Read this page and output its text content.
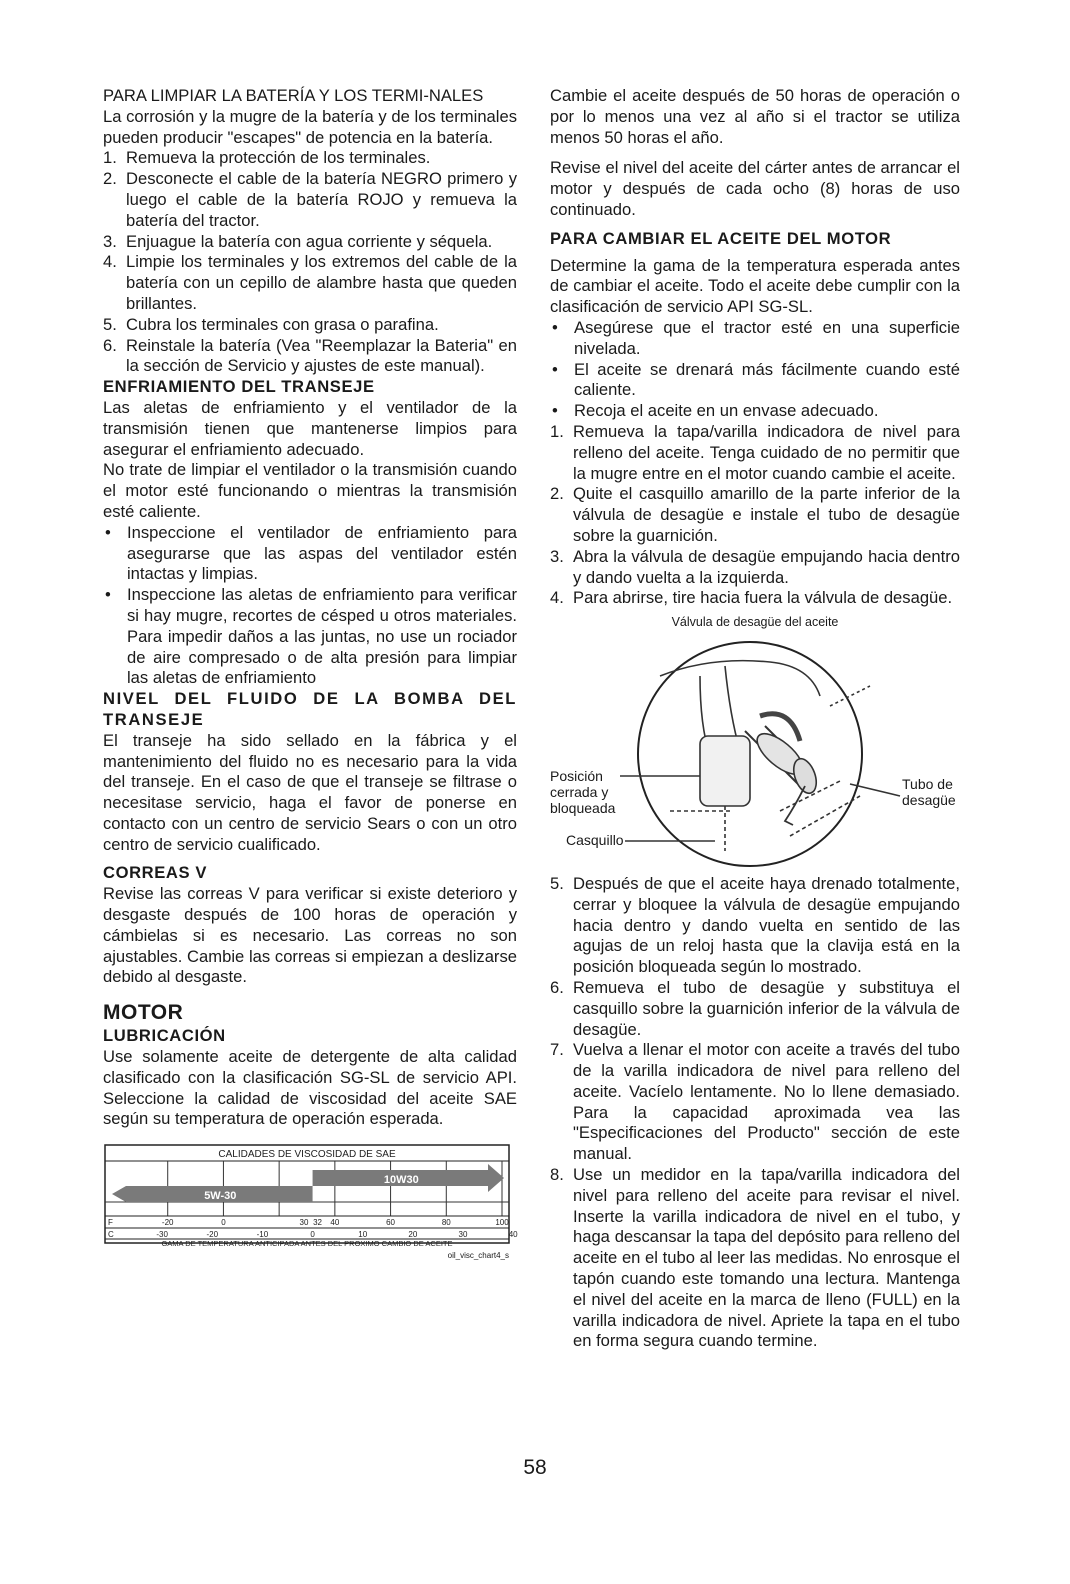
PARA LIMPIAR LA BATERÍA Y LOS TERMI-NALES

La corrosión y la mugre de la batería y de los terminales pueden producir "escapes" de potencia en la batería.

1. Remueva la protección de los terminales.
2. Desconecte el cable de la batería NEGRO primero y luego el cable de la batería ROJO y remueva la batería del tractor.
3. Enjuague la batería con agua corriente y séquela.
4. Limpie los terminales y los extremos del cable de la batería con un cepillo de alambre hasta que queden brillantes.
5. Cubra los terminales con grasa o parafina.
6. Reinstale la batería (Vea "Reemplazar la Bateria" en la sección de Servicio y ajustes de este manual).

ENFRIAMIENTO DEL TRANSEJE

Las aletas de enfriamiento y el ventilador de la transmisión tienen que mantenerse limpios para asegurar el enfriamiento adecuado.

No trate de limpiar el ventilador o la transmisión cuando el motor esté funcionando o mientras la transmisión esté caliente.

• Inspeccione el ventilador de enfriamiento para asegurarse que las aspas del ventilador estén intactas y limpias.
• Inspeccione las aletas de enfriamiento para verificar si hay mugre, recortes de césped u otros materiales. Para impedir daños a las juntas, no use un rociador de aire compresado o de alta presión para limpiar las aletas de enfriamiento

NIVEL DEL FLUIDO DE LA BOMBA DEL TRANSEJE

El transeje ha sido sellado en la fábrica y el mantenimiento del fluido no es necesario para la vida del transeje. En el caso de que el transeje se filtrase o necesitase servicio, haga el favor de ponerse en contacto con un centro de servicio Sears o con un otro centro de servicio cualificado.

CORREAS V

Revise las correas V para verificar si existe deterioro y desgaste después de 100 horas de operación y cámbielas si es necesario. Las correas no son ajustables. Cambie las correas si empiezan a deslizarse debido al desgaste.

MOTOR

LUBRICACIÓN

Use solamente aceite de detergente de alta calidad clasificado con la clasificación SG-SL de servicio API. Seleccione la calidad de viscosidad del aceite SAE según su temperatura de operación esperada.

CALIDADES DE VISCOSIDAD DE SAE
5W-30
10W30
F	-20	0	30 32 40	60	80	100
C	-30	-20	-10	0	10	20	30	40
GAMA DE TEMPERATURA ANTICIPADA ANTES DEL PROXIMO CAMBIO DE ACEITE
oil_visc_chart4_s

Cambie el aceite después de 50 horas de operación o por lo menos una vez al año si el tractor se utiliza menos 50 horas el año.

Revise el nivel del aceite del cárter antes de arrancar el motor y después de cada ocho (8) horas de uso continuado.

PARA CAMBIAR EL ACEITE DEL MOTOR

Determine la gama de la temperatura esperada antes de cambiar el aceite. Todo el aceite debe cumplir con la clasificación de servicio API SG-SL.

• Asegúrese que el tractor esté en una superficie nivelada.
• El aceite se drenará más fácilmente cuando esté caliente.
• Recoja el aceite en un envase adecuado.
1. Remueva la tapa/varilla indicadora de nivel para relleno del aceite. Tenga cuidado de no permitir que la mugre entre en el motor cuando cambie el aceite.
2. Quite el casquillo amarillo de la parte inferior de la válvula de desagüe e instale el tubo de desagüe sobre la guarnición.
3. Abra la válvula de desagüe empujando hacia dentro y dando vuelta a la izquierda.
4. Para abrirse, tire hacia fuera la válvula de desagüe.

Válvula de desagüe del aceite

Posición cerrada y bloqueada
Casquillo
Tubo de desagüe
5. Después de que el aceite haya drenado totalmente, cerrar y bloquee la válvula de desagüe empujando hacia dentro y dando vuelta en sentido de las agujas de un reloj hasta que la clavija está en la posición bloqueada según lo mostrado.
6. Remueva el tubo de desagüe y substituya el casquillo sobre la guarnición inferior de la válvula de desagüe.
7. Vuelva a llenar el motor con aceite a través del tubo de la varilla indicadora de nivel para relleno del aceite. Vacíelo lentamente. No lo llene demasiado. Para la capacidad aproximada vea las "Especificaciones del Producto" sección de este manual.
8. Use un medidor en la tapa/varilla indicadora del nivel para relleno del aceite para revisar el nivel. Inserte la varilla indicadora de nivel en el tubo, y haga descansar la tapa del depósito para relleno del aceite en el tubo al leer las medidas. No enrosque el tapón cuando este tomando una lectura. Mantenga el nivel del aceite en la marca de lleno (FULL) en la varilla indicadora de nivel. Apriete la tapa en el tubo en forma segura cuando termine.
58
